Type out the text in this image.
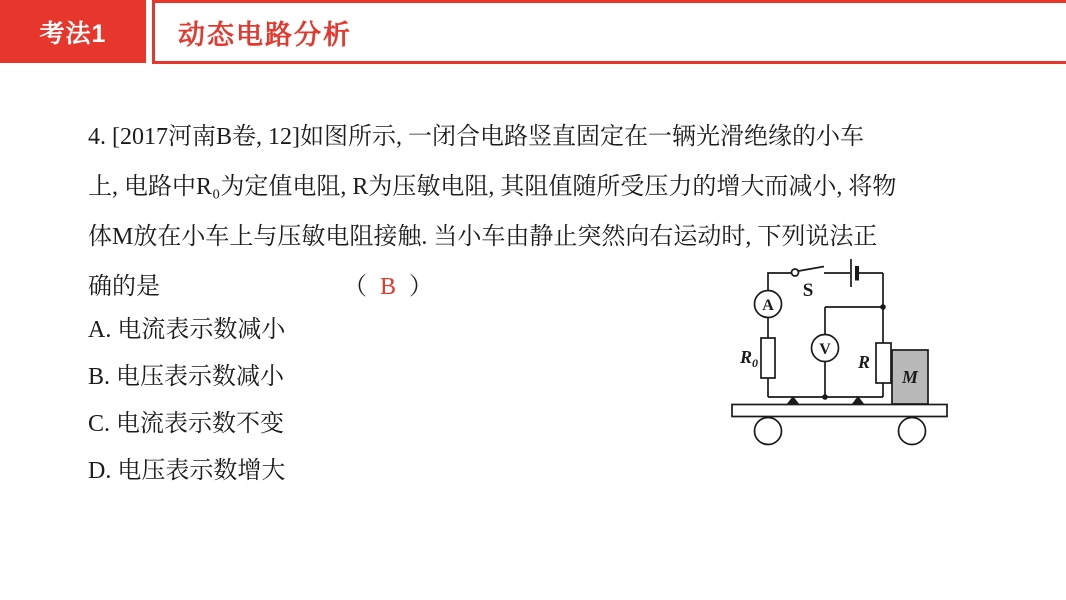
考法1	动态电路分析
4. [2017河南B卷, 12]如图所示, 一闭合电路竖直固定在一辆光滑绝缘的小车
上, 电路中R₀为定值电阻, R为压敏电阻, 其阻值随所受压力的增大而减小, 将物
体M放在小车上与压敏电阻接触. 当小车由静止突然向右运动时, 下列说法正
确的是	（ B ）
A. 电流表示数减小
B. 电压表示数减小
C. 电流表示数不变
D. 电压表示数增大
S
A
V
$R_0$	R
M
